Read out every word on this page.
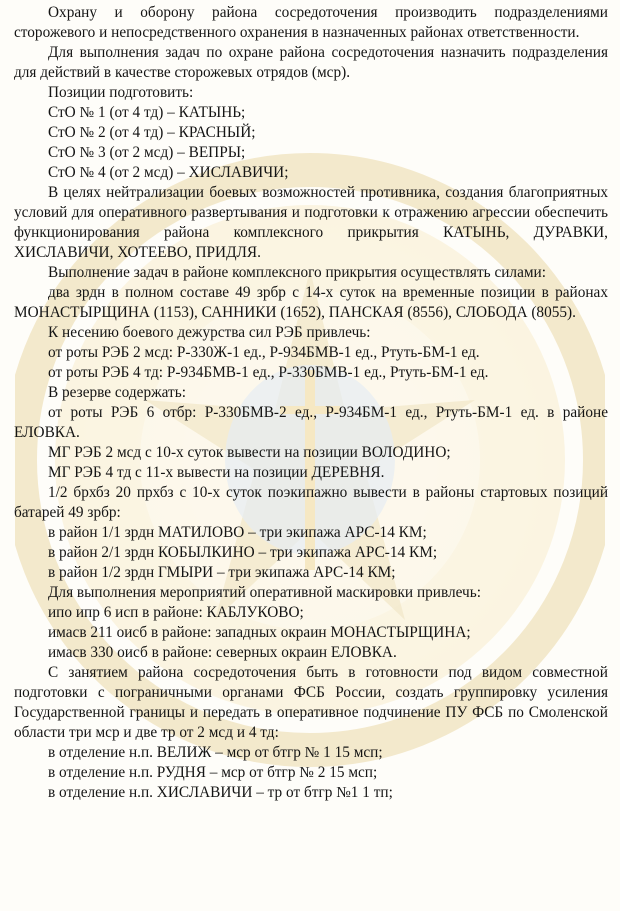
Охрану и оборону района сосредоточения производить подразделениями сторожевого и непосредственного охранения в назначенных районах ответственности.

Для выполнения задач по охране района сосредоточения назначить подразделения для действий в качестве сторожевых отрядов (мср).

Позиции подготовить:

СтО № 1 (от 4 тд) – КАТЫНЬ;

СтО № 2 (от 4 тд) – КРАСНЫЙ;

СтО № 3 (от 2 мсд) – ВЕПРЫ;

СтО № 4 (от 2 мсд) – ХИСЛАВИЧИ;

В целях нейтрализации боевых возможностей противника, создания благоприятных условий для оперативного развертывания и подготовки к отражению агрессии обеспечить функционирования района комплексного прикрытия КАТЫНЬ, ДУРАВКИ, ХИСЛАВИЧИ, ХОТЕЕВО, ПРИДЛЯ.

Выполнение задач в районе комплексного прикрытия осуществлять силами:

два зрдн в полном составе 49 зрбр с 14-х суток на временные позиции в районах МОНАСТЫРЩИНА (1153), САННИКИ (1652), ПАНСКАЯ (8556), СЛОБОДА (8055).

К несению боевого дежурства сил РЭБ привлечь:

от роты РЭБ 2 мсд: Р-330Ж-1 ед., Р-934БМВ-1 ед., Ртуть-БМ-1 ед.

от роты РЭБ 4 тд: Р-934БМВ-1 ед., Р-330БМВ-1 ед., Ртуть-БМ-1 ед.

В резерве содержать:

от роты РЭБ 6 отбр: Р-330БМВ-2 ед., Р-934БМ-1 ед., Ртуть-БМ-1 ед. в районе ЕЛОВКА.

МГ РЭБ 2 мсд с 10-х суток вывести на позиции ВОЛОДИНО;

МГ РЭБ 4 тд с 11-х вывести на позиции ДЕРЕВНЯ.

1/2 брхбз 20 прхбз с 10-х суток поэкипажно вывести в районы стартовых позиций батарей 49 зрбр:

в район 1/1 зрдн МАТИЛОВО – три экипажа АРС-14 КМ;

в район 2/1 зрдн КОБЫЛКИНО – три экипажа АРС-14 КМ;

в район 1/2 зрдн ГМЫРИ – три экипажа АРС-14 КМ;

Для выполнения мероприятий оперативной маскировки привлечь:

ипо ипр 6 исп в районе: КАБЛУКОВО;

имасв 211 оисб в районе: западных окраин МОНАСТЫРЩИНА;

имасв 330 оисб в районе: северных окраин ЕЛОВКА.

С занятием района сосредоточения быть в готовности под видом совместной подготовки с пограничными органами ФСБ России, создать группировку усиления Государственной границы и передать в оперативное подчинение ПУ ФСБ по Смоленской области три мср и две тр от 2 мсд и 4 тд:

в отделение н.п. ВЕЛИЖ – мср от бтгр № 1 15 мсп;

в отделение н.п. РУДНЯ – мср от бтгр № 2 15 мсп;

в отделение н.п. ХИСЛАВИЧИ – тр от бтгр №1 1 тп;
